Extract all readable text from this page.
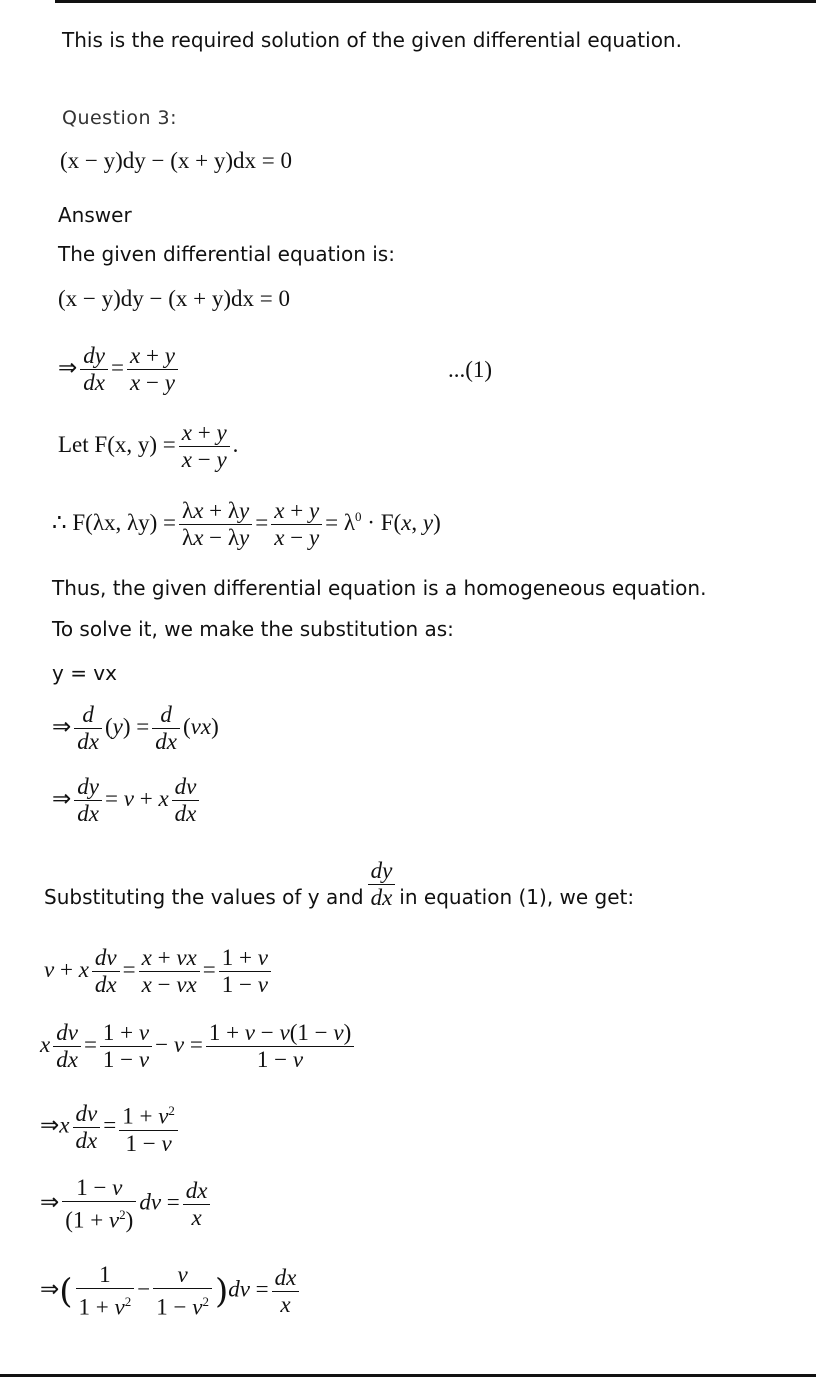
This is the required solution of the given differential equation.
Question 3:
(x − y)dy − (x + y)dx = 0
Answer
The given differential equation is:
(x − y)dy − (x + y)dx = 0
⇒ $\frac{dy}{dx} = \frac{x + y}{x - y}$	...(1)
Let F(x, $y) = \frac{x + y}{x - y}$ .
∴ F(λx, $\lambda y) = \frac{\lambda x + \lambda y}{\lambda x - \lambda y} = \frac{x + y}{x - y} = \lambda^0 \cdot F(x$, y)
Thus, the given differential equation is a homogeneous equation.
To solve it, we make the substitution as:
y = vx
⇒ $\frac{d}{dx} (y) = \frac{d}{dx} (vx)$
⇒ $\frac{dy}{dx} = v + x \frac{dv}{dx}$
Substituting the values of y and $\frac{dy}{dx}$ in equation (1), we get:
v + x $\frac{dv}{dx} = \frac{x + vx}{x - vx} = \frac{1 + v}{1 - v}$
x $\frac{dv}{dx} = \frac{1 + v}{1 - v} - v = \frac{1 + v - v(1 - v)}{1 - v}$
⇒x $\frac{dv}{dx} = \frac{1 + v^2}{1 - v}$
⇒ $\frac{1 - v}{(1 + v^2)}$ dv = $\frac{dx}{x}$
⇒( $\frac{1}{1 + v^2} - \frac{v}{1 - v^2} )dv = \frac{dx}{x}$
